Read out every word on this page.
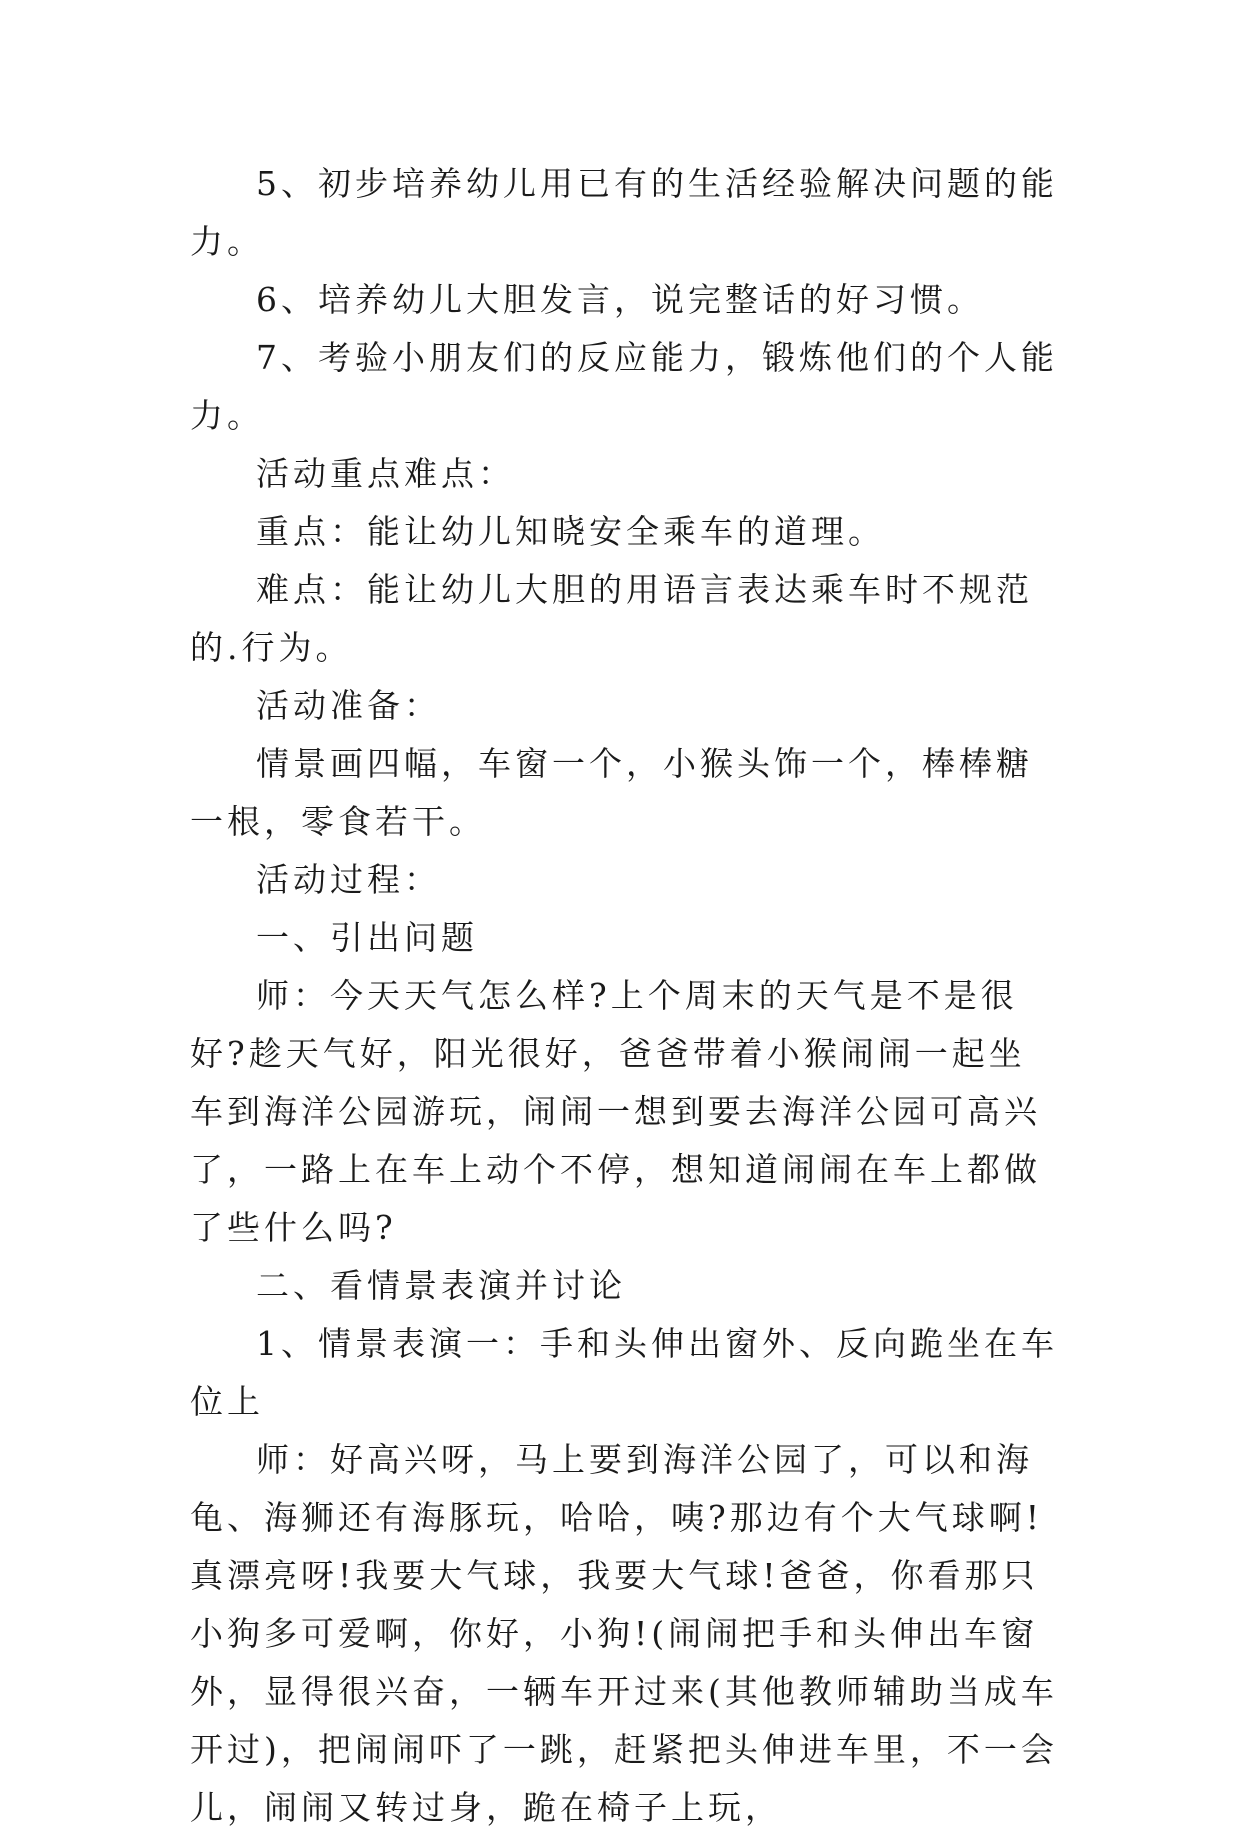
5、初步培养幼儿用已有的生活经验解决问题的能力。

6、培养幼儿大胆发言，说完整话的好习惯。

7、考验小朋友们的反应能力，锻炼他们的个人能力。

活动重点难点：

重点：能让幼儿知晓安全乘车的道理。

难点：能让幼儿大胆的用语言表达乘车时不规范的.行为。

活动准备：

情景画四幅，车窗一个，小猴头饰一个，棒棒糖一根，零食若干。

活动过程：

一、引出问题

师：今天天气怎么样?上个周末的天气是不是很好?趁天气好，阳光很好，爸爸带着小猴闹闹一起坐车到海洋公园游玩，闹闹一想到要去海洋公园可高兴了，一路上在车上动个不停，想知道闹闹在车上都做了些什么吗?

二、看情景表演并讨论

1、情景表演一：手和头伸出窗外、反向跪坐在车位上

师：好高兴呀，马上要到海洋公园了，可以和海龟、海狮还有海豚玩，哈哈，咦?那边有个大气球啊!真漂亮呀!我要大气球，我要大气球!爸爸，你看那只小狗多可爱啊，你好，小狗!(闹闹把手和头伸出车窗外，显得很兴奋，一辆车开过来(其他教师辅助当成车开过)，把闹闹吓了一跳，赶紧把头伸进车里，不一会儿，闹闹又转过身，跪在椅子上玩，
